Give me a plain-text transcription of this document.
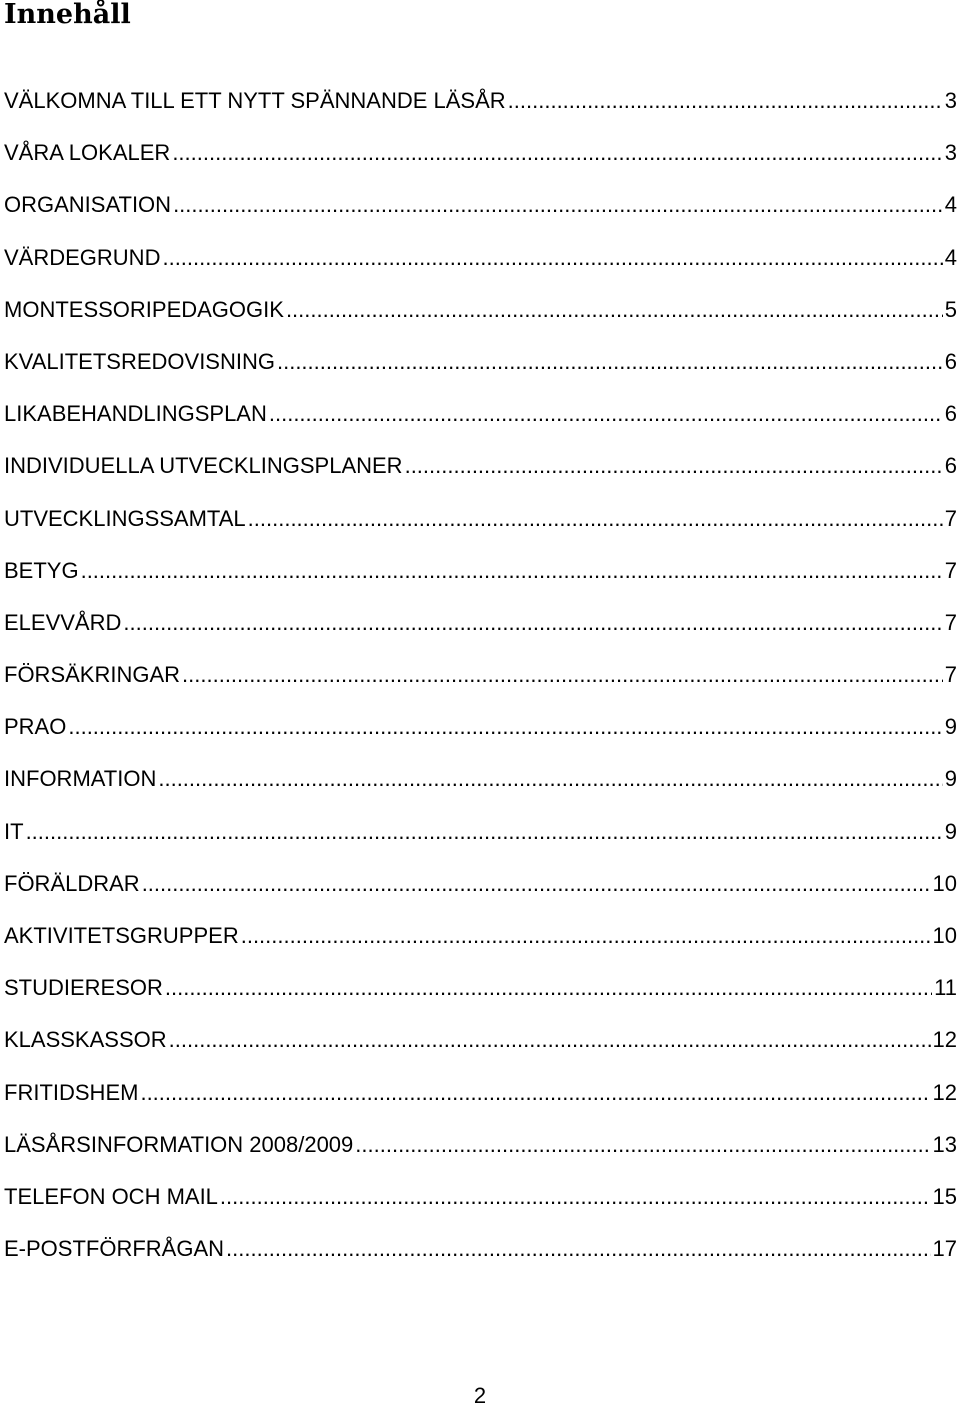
Innehåll
VÄLKOMNA TILL ETT NYTT SPÄNNANDE LÄSÅR .....	3
VÅRA LOKALER .....	3
ORGANISATION .....	4
VÄRDEGRUND .....	4
MONTESSORIPEDAGOGIK .....	5
KVALITETSREDOVISNING .....	6
LIKABEHANDLINGSPLAN .....	6
INDIVIDUELLA UTVECKLINGSPLANER .....	6
UTVECKLINGSSAMTAL .....	7
BETYG .....	7
ELEVVÅRD .....	7
FÖRSÄKRINGAR .....	7
PRAO .....	9
INFORMATION .....	9
IT .....	9
FÖRÄLDRAR .....	10
AKTIVITETSGRUPPER .....	10
STUDIERESOR .....	11
KLASSKASSOR .....	12
FRITIDSHEM .....	12
LÄSÅRSINFORMATION 2008/2009 .....	13
TELEFON OCH MAIL .....	15
E-POSTFÖRFRÅGAN .....	17
2
